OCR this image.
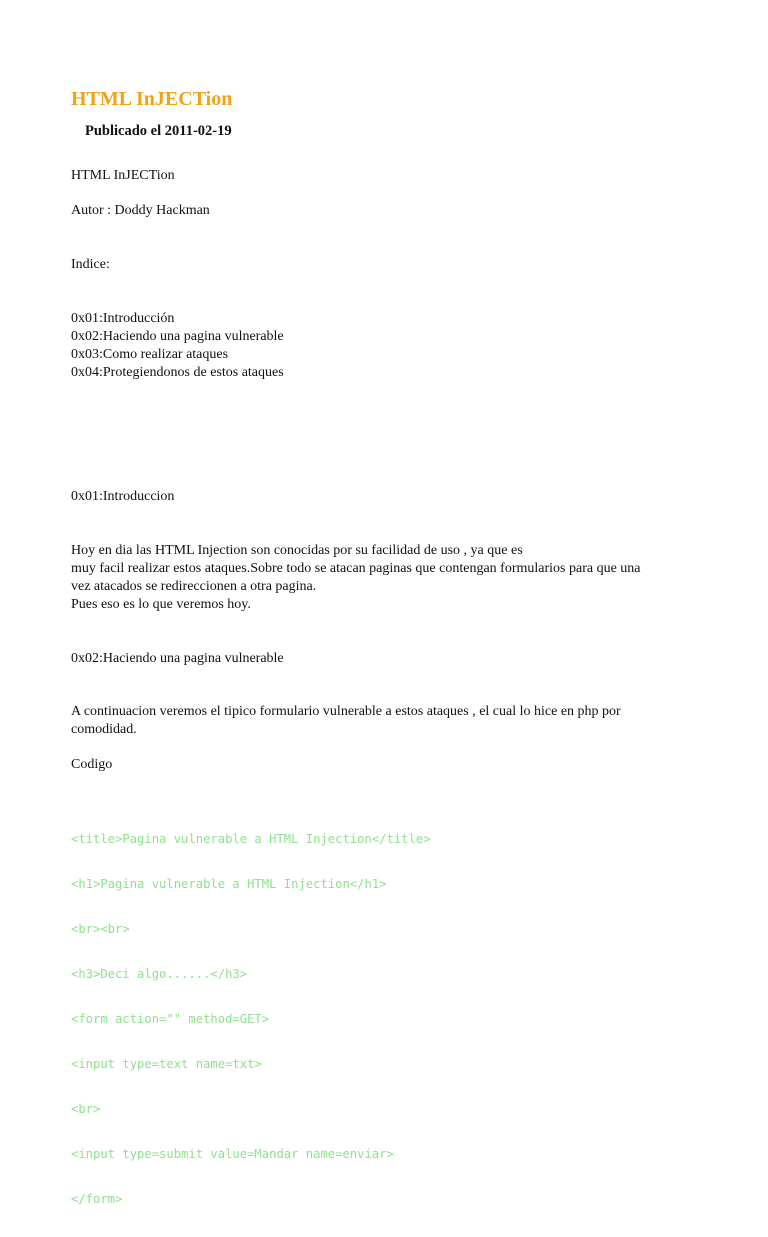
HTML InJECTion
Publicado el 2011-02-19
HTML InJECTion
Autor : Doddy Hackman
Indice:
0x01:Introducción
0x02:Haciendo una pagina vulnerable
0x03:Como realizar ataques
0x04:Protegiendonos de estos ataques
0x01:Introduccion
Hoy en dia las HTML Injection son conocidas por su facilidad de uso , ya que es
muy facil realizar estos ataques.Sobre todo se atacan paginas que contengan formularios para que una
vez atacados se redireccionen a otra pagina.
Pues eso es lo que veremos hoy.
0x02:Haciendo una pagina vulnerable
A continuacion veremos el tipico formulario vulnerable a estos ataques , el cual lo hice en php por
comodidad.
Codigo

<title>Pagina vulnerable a HTML Injection</title>

<h1>Pagina vulnerable a HTML Injection</h1>

<br><br>

<h3>Deci algo......</h3>

<form action="" method=GET>

<input type=text name=txt>

<br>

<input type=submit value=Mandar name=enviar>

</form>
